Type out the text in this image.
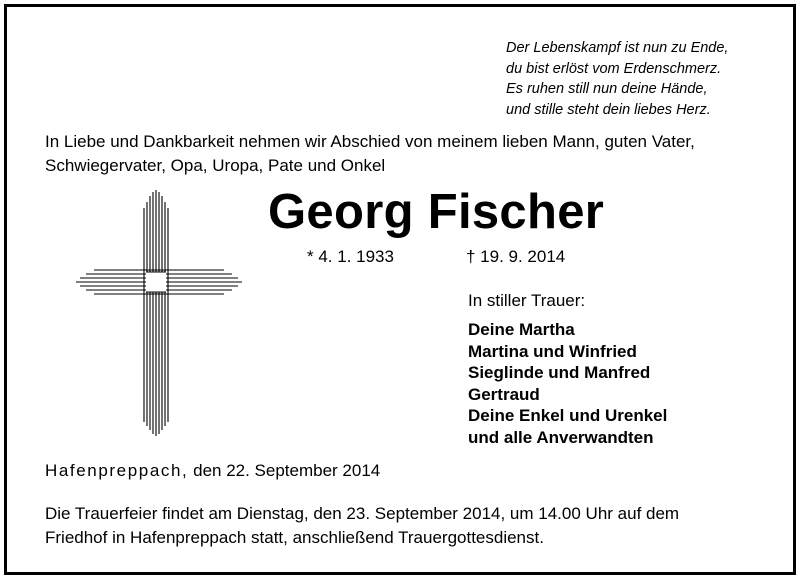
Der Lebenskampf ist nun zu Ende,
du bist erlöst vom Erdenschmerz.
Es ruhen still nun deine Hände,
und stille steht dein liebes Herz.
In Liebe und Dankbarkeit nehmen wir Abschied von meinem lieben Mann, guten Vater,
Schwiegervater, Opa, Uropa, Pate und Onkel
Georg Fischer
* 4. 1. 1933	† 19. 9. 2014
In stiller Trauer:
Deine Martha
Martina und Winfried
Sieglinde und Manfred
Gertraud
Deine Enkel und Urenkel
und alle Anverwandten
Hafenpreppach, den 22. September 2014
Die Trauerfeier findet am Dienstag, den 23. September 2014, um 14.00 Uhr auf dem
Friedhof in Hafenpreppach statt, anschließend Trauergottesdienst.
